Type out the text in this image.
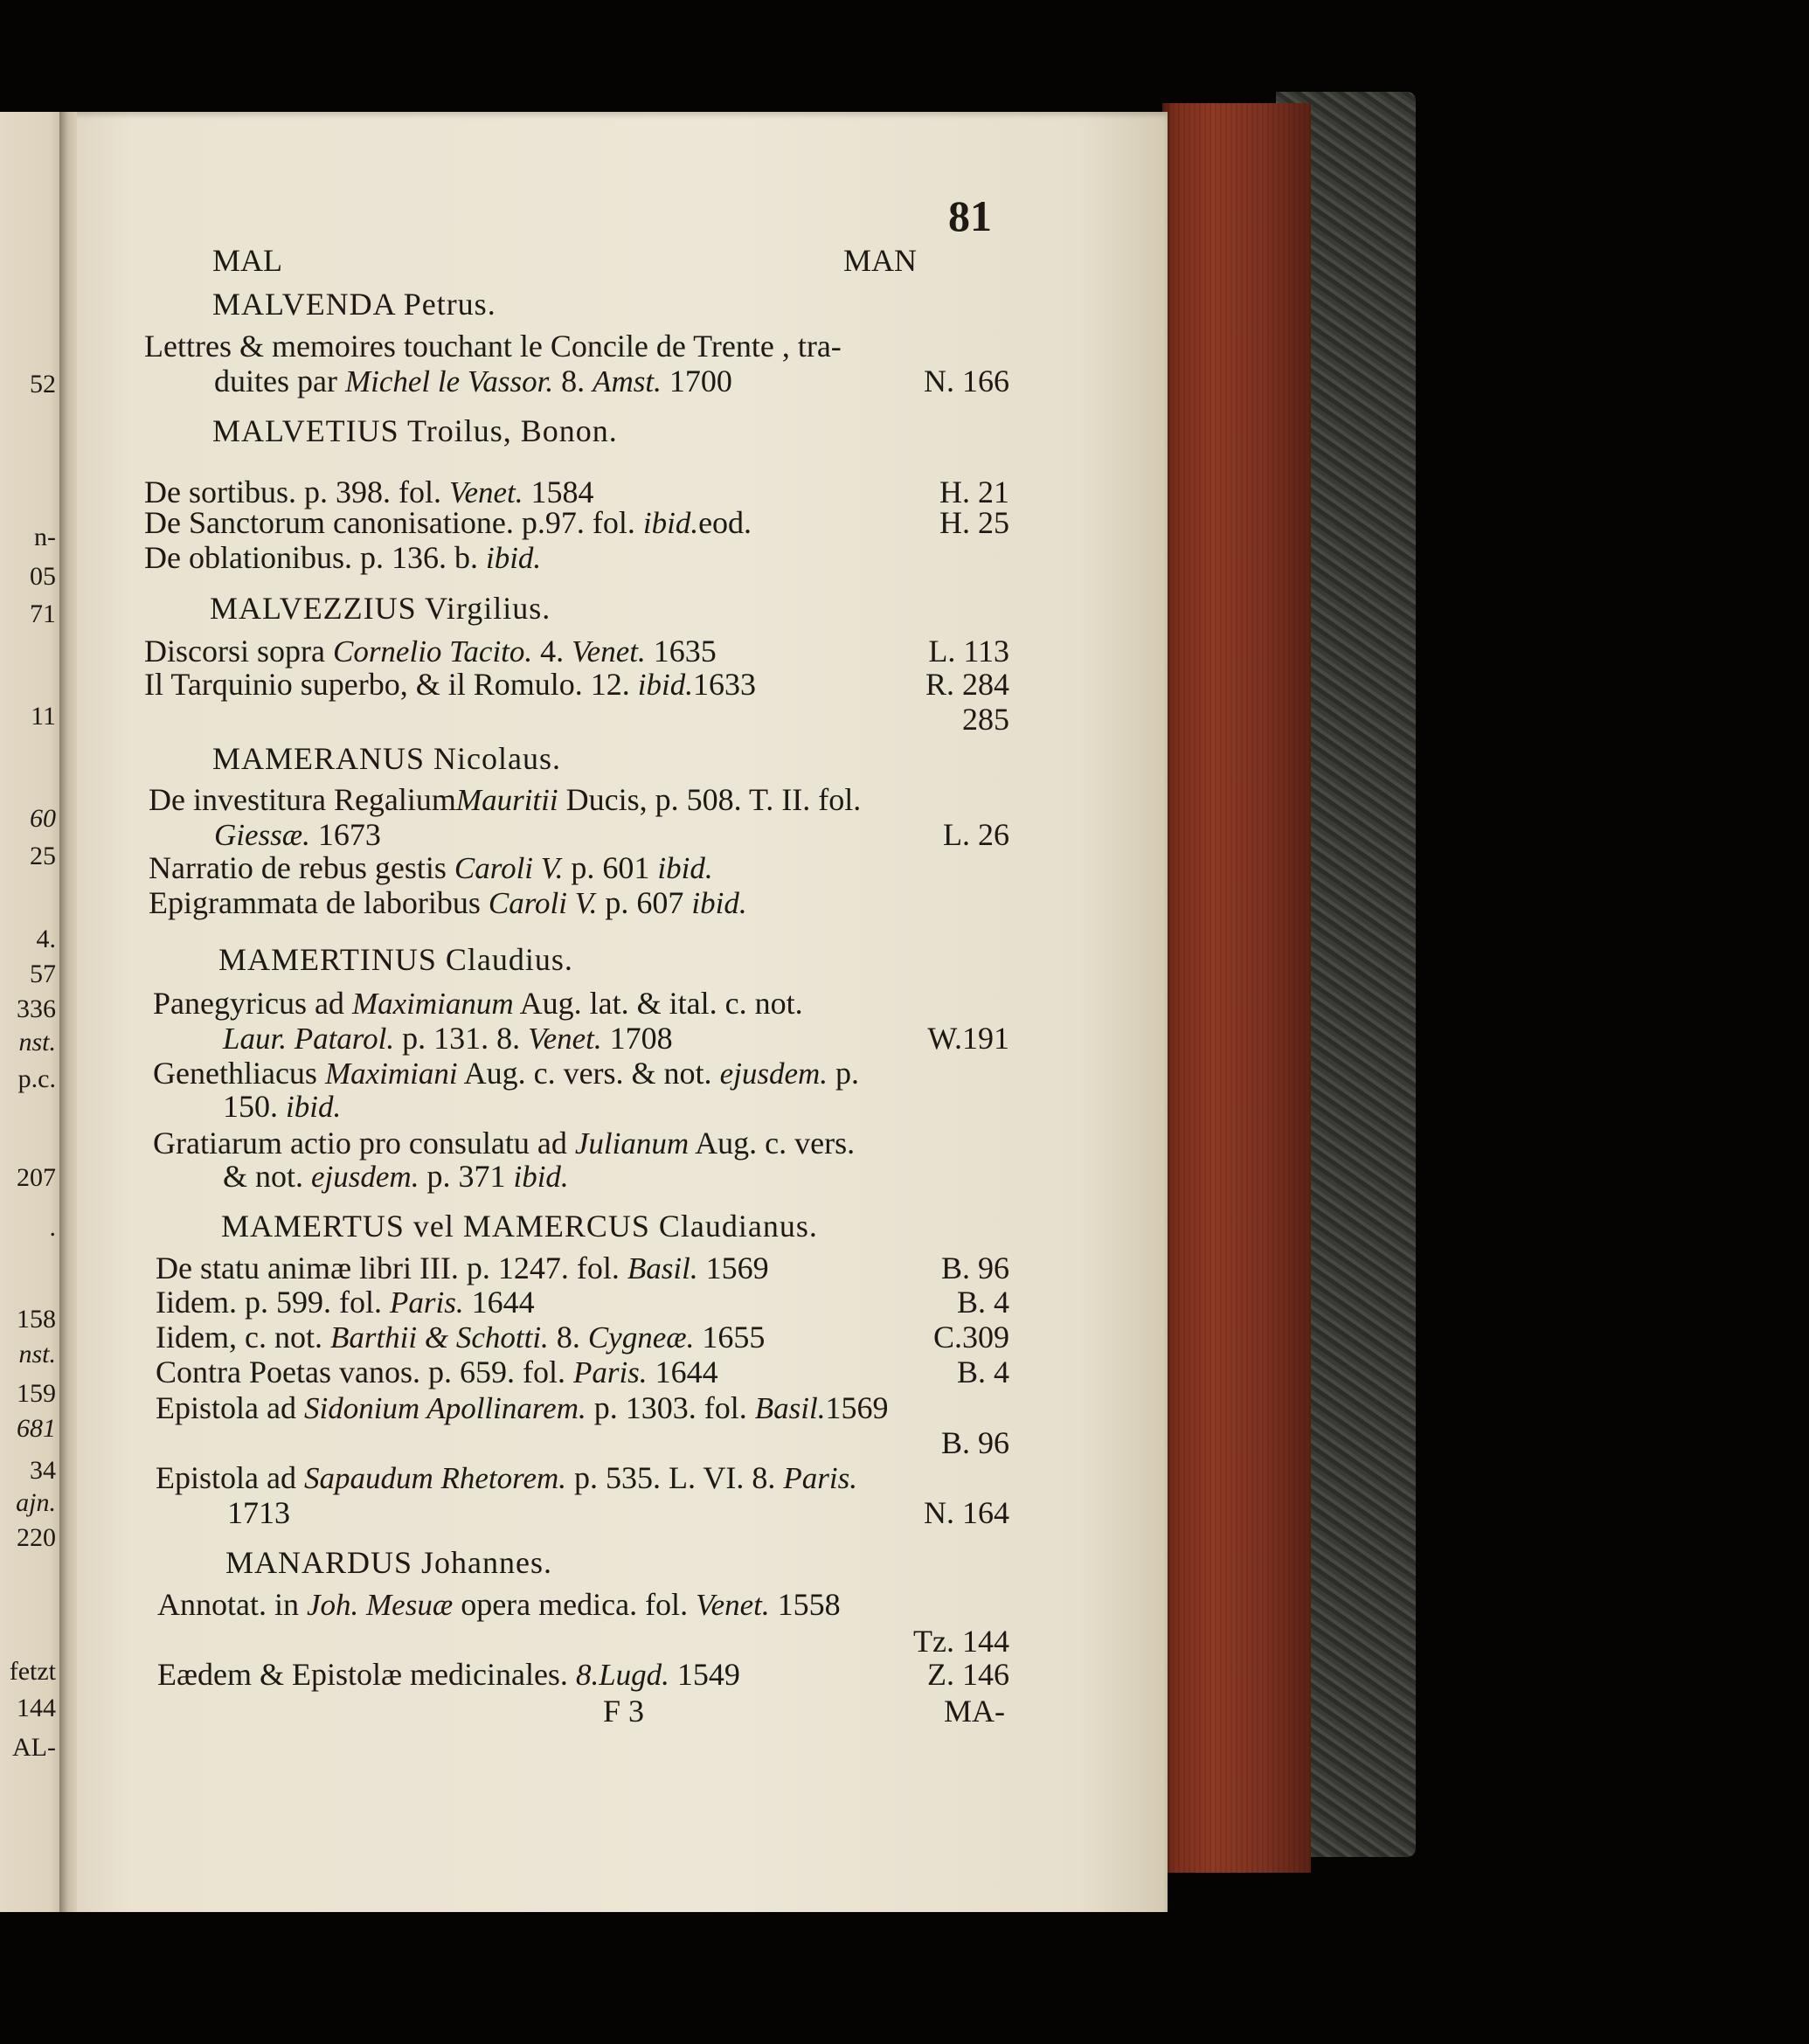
52
n-
05
71
11
60
25
4.
57
336
nst.
p.c.
207
.
158
nst.
159
681
34
ajn.
220
fetzt
144
AL-
81
MAL	MAN
MALVENDA Petrus.
Lettres & memoires touchant le Concile de Trente , tra-
duites par Michel le Vassor. 8. Amst. 1700	N. 166
MALVETIUS Troilus, Bonon.
De sortibus. p. 398. fol. Venet. 1584	H. 21
De Sanctorum canonisatione. p.97. fol. ibid.eod.	H. 25
De oblationibus. p. 136. b. ibid.
MALVEZZIUS Virgilius.
Discorsi sopra Cornelio Tacito. 4. Venet. 1635	L. 113
Il Tarquinio superbo, & il Romulo. 12. ibid.1633	R. 284
285
MAMERANUS Nicolaus.
De investitura RegaliumMauritii Ducis, p. 508. T. II. fol.
Giessæ. 1673	L. 26
Narratio de rebus gestis Caroli V. p. 601 ibid.
Epigrammata de laboribus Caroli V. p. 607 ibid.
MAMERTINUS Claudius.
Panegyricus ad Maximianum Aug. lat. & ital. c. not.
Laur. Patarol. p. 131. 8. Venet. 1708	W.191
Genethliacus Maximiani Aug. c. vers. & not. ejusdem. p.
150. ibid.
Gratiarum actio pro consulatu ad Julianum Aug. c. vers.
& not. ejusdem. p. 371 ibid.
MAMERTUS vel MAMERCUS Claudianus.
De statu animæ libri III. p. 1247. fol. Basil. 1569	B. 96
Iidem. p. 599. fol. Paris. 1644	B. 4
Iidem, c. not. Barthii & Schotti. 8. Cygneæ. 1655	C.309
Contra Poetas vanos. p. 659. fol. Paris. 1644	B. 4
Epistola ad Sidonium Apollinarem. p. 1303. fol. Basil.1569
B. 96
Epistola ad Sapaudum Rhetorem. p. 535. L. VI. 8. Paris.
1713	N. 164
MANARDUS Johannes.
Annotat. in Joh. Mesuæ opera medica. fol. Venet. 1558
Tz. 144
Eædem & Epistolæ medicinales. 8.Lugd. 1549	Z. 146
F 3	MA-
